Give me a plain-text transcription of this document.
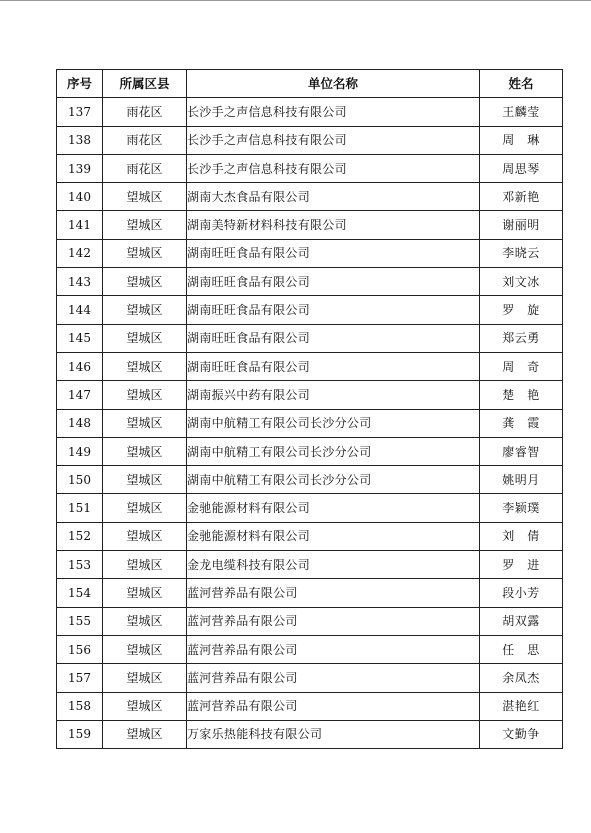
序号	所属区县	单位名称	姓名
137	雨花区	长沙手之声信息科技有限公司	王麟莹
138	雨花区	长沙手之声信息科技有限公司	周　琳
139	雨花区	长沙手之声信息科技有限公司	周思琴
140	望城区	湖南大杰食品有限公司	邓新艳
141	望城区	湖南美特新材料科技有限公司	谢丽明
142	望城区	湖南旺旺食品有限公司	李晓云
143	望城区	湖南旺旺食品有限公司	刘文冰
144	望城区	湖南旺旺食品有限公司	罗　旋
145	望城区	湖南旺旺食品有限公司	郑云勇
146	望城区	湖南旺旺食品有限公司	周　奇
147	望城区	湖南振兴中药有限公司	楚　艳
148	望城区	湖南中航精工有限公司长沙分公司	龚　霞
149	望城区	湖南中航精工有限公司长沙分公司	廖睿智
150	望城区	湖南中航精工有限公司长沙分公司	姚明月
151	望城区	金驰能源材料有限公司	李颖璞
152	望城区	金驰能源材料有限公司	刘　倩
153	望城区	金龙电缆科技有限公司	罗　进
154	望城区	蓝河营养品有限公司	段小芳
155	望城区	蓝河营养品有限公司	胡双露
156	望城区	蓝河营养品有限公司	任　思
157	望城区	蓝河营养品有限公司	余凤杰
158	望城区	蓝河营养品有限公司	湛艳红
159	望城区	万家乐热能科技有限公司	文勤争
